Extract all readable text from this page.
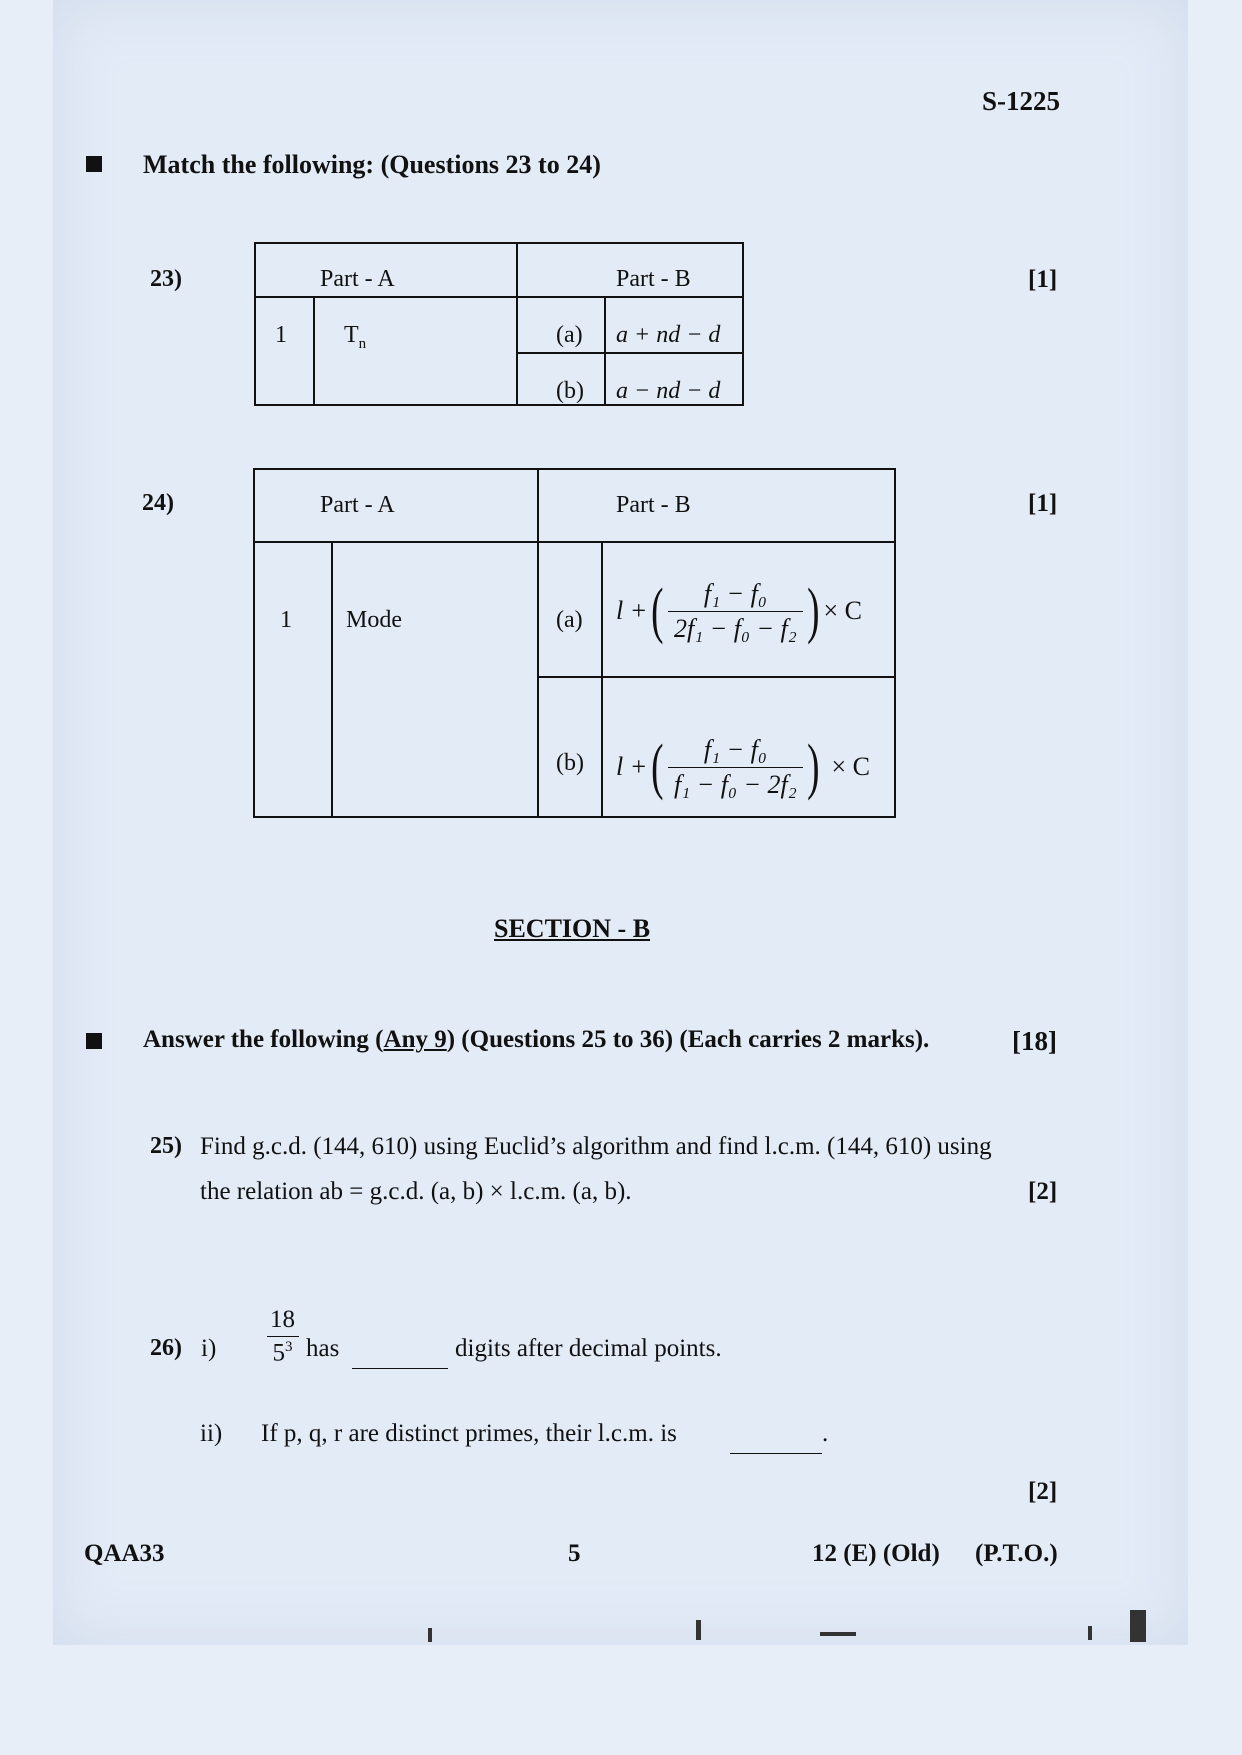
S-1225
Match the following: (Questions 23 to 24)
23)	[1]
Part - A	Part - B
1 $T_n$	(a) a + nd − d
(b) a − nd − d
24)	[1]
Part - A	Part - B
1 Mode	(a) l + ( $\frac{\text{f₁ − f₀}}{\text{2f₁ − f₀ − f₂}}$ ) × C
(b) l + ( $\frac{\text{f₁ − f₀}}{\text{f₁ − f₀ − 2f₂}}$ ) × C
SECTION - B
Answer the following (Any 9) (Questions 25 to 36) (Each carries 2 marks).	[18]
25) Find g.c.d. (144, 610) using Euclid’s algorithm and find l.c.m. (144, 610) using
the relation ab = g.c.d. (a, b) × l.c.m. (a, b).	[2]
26) $i) \frac{18}{5^3}$ has	digits after decimal points.
ii) If p, q, r are distinct primes, their l.c.m. is	.
[2]
QAA33	5	12 (E) (Old) (P.T.O.)
